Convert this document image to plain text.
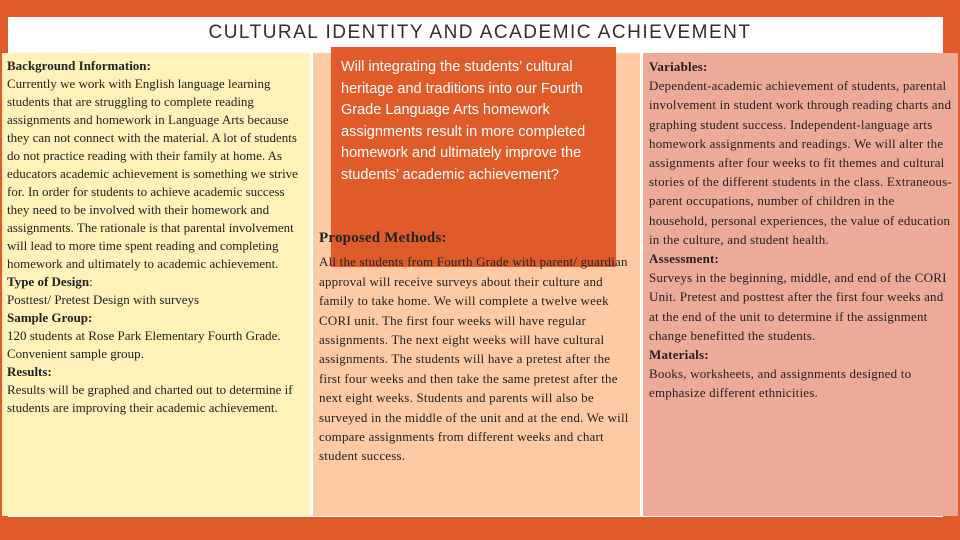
CULTURAL IDENTITY AND ACADEMIC ACHIEVEMENT

Background Information:

Currently we work with English language learning students that are struggling to complete reading assignments and homework in Language Arts because they can not connect with the material. A lot of students do not practice reading with their family at home. As educators academic achievement is something we strive for. In order for students to achieve academic success they need to be involved with their homework and assignments. The rationale is that parental involvement will lead to more time spent reading and completing homework and ultimately to academic achievement.

Type of Design:

Posttest/ Pretest Design with surveys

Sample Group:

120 students at Rose Park Elementary Fourth Grade. Convenient sample group.

Results:

Results will be graphed and charted out to determine if students are improving their academic achievement.

Will integrating the students’ cultural heritage and traditions into our Fourth Grade Language Arts homework assignments result in more completed homework and ultimately improve the students’ academic achievement?
Proposed Methods:

All the students from Fourth Grade with parent/ guardian approval will receive surveys about their culture and family to take home. We will complete a twelve week CORI unit. The first four weeks will have regular assignments. The next eight weeks will have cultural assignments. The students will have a pretest after the first four weeks and then take the same pretest after the next eight weeks. Students and parents will also be surveyed in the middle of the unit and at the end. We will compare assignments from different weeks and chart student success.

Variables:

Dependent-academic achievement of students, parental involvement in student work through reading charts and graphing student success. Independent-language arts homework assignments and readings. We will alter the assignments after four weeks to fit themes and cultural stories of the different students in the class. Extraneous-parent occupations, number of children in the household, personal experiences, the value of education in the culture, and student health.

Assessment:

Surveys in the beginning, middle, and end of the CORI Unit. Pretest and posttest after the first four weeks and at the end of the unit to determine if the assignment change benefitted the students.

Materials:

Books, worksheets, and assignments designed to emphasize different ethnicities.
